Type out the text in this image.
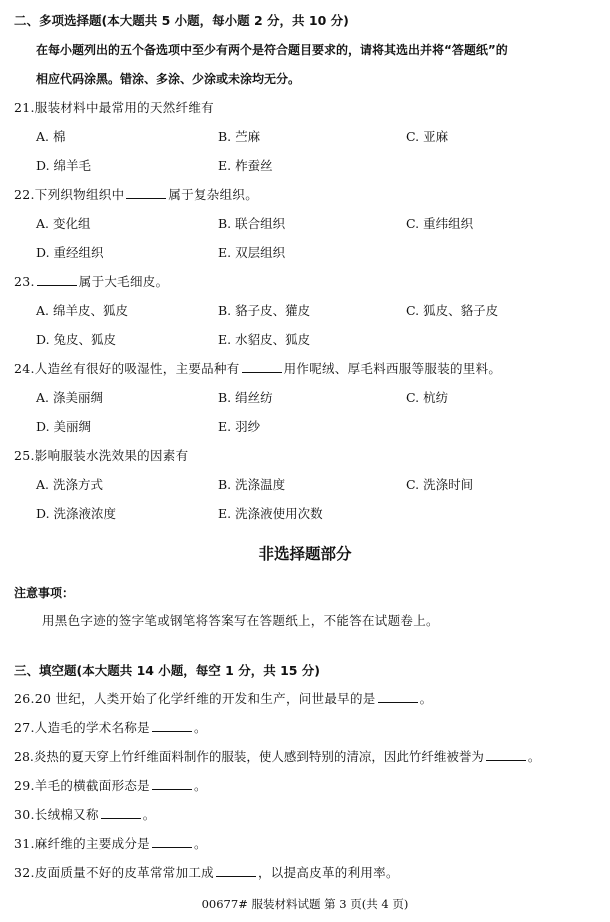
二、多项选择题(本大题共 5 小题，每小题 2 分，共 10 分)
在每小题列出的五个备选项中至少有两个是符合题目要求的，请将其选出并将“答题纸”的
相应代码涂黑。错涂、多涂、少涂或未涂均无分。
21.服装材料中最常用的天然纤维有
A. 棉	B. 苎麻	C. 亚麻
D. 绵羊毛	E. 柞蚕丝
22.下列织物组织中	属于复杂组织。
A. 变化组	B. 联合组织	C. 重纬组织
D. 重经组织	E. 双层组织
23.	属于大毛细皮。
A. 绵羊皮、狐皮	B. 貉子皮、獾皮	C. 狐皮、貉子皮
D. 兔皮、狐皮	E. 水貂皮、狐皮
24.人造丝有很好的吸湿性，主要品种有	用作呢绒、厚毛料西服等服装的里料。
A. 涤美丽绸	B. 绢丝纺	C. 杭纺
D. 美丽绸	E. 羽纱
25.影响服装水洗效果的因素有
A. 洗涤方式	B. 洗涤温度	C. 洗涤时间
D. 洗涤液浓度	E. 洗涤液使用次数
非选择题部分
注意事项：
用黑色字迹的签字笔或钢笔将答案写在答题纸上，不能答在试题卷上。
三、填空题(本大题共 14 小题，每空 1 分，共 15 分)
26.20 世纪，人类开始了化学纤维的开发和生产，问世最早的是	。
27.人造毛的学术名称是	。
28.炎热的夏天穿上竹纤维面料制作的服装，使人感到特别的清凉，因此竹纤维被誉为	。
29.羊毛的横截面形态是	。
30.长绒棉又称	。
31.麻纤维的主要成分是	。
32.皮面质量不好的皮革常常加工成	，以提高皮革的利用率。
00677# 服装材料试题 第 3 页(共 4 页)
